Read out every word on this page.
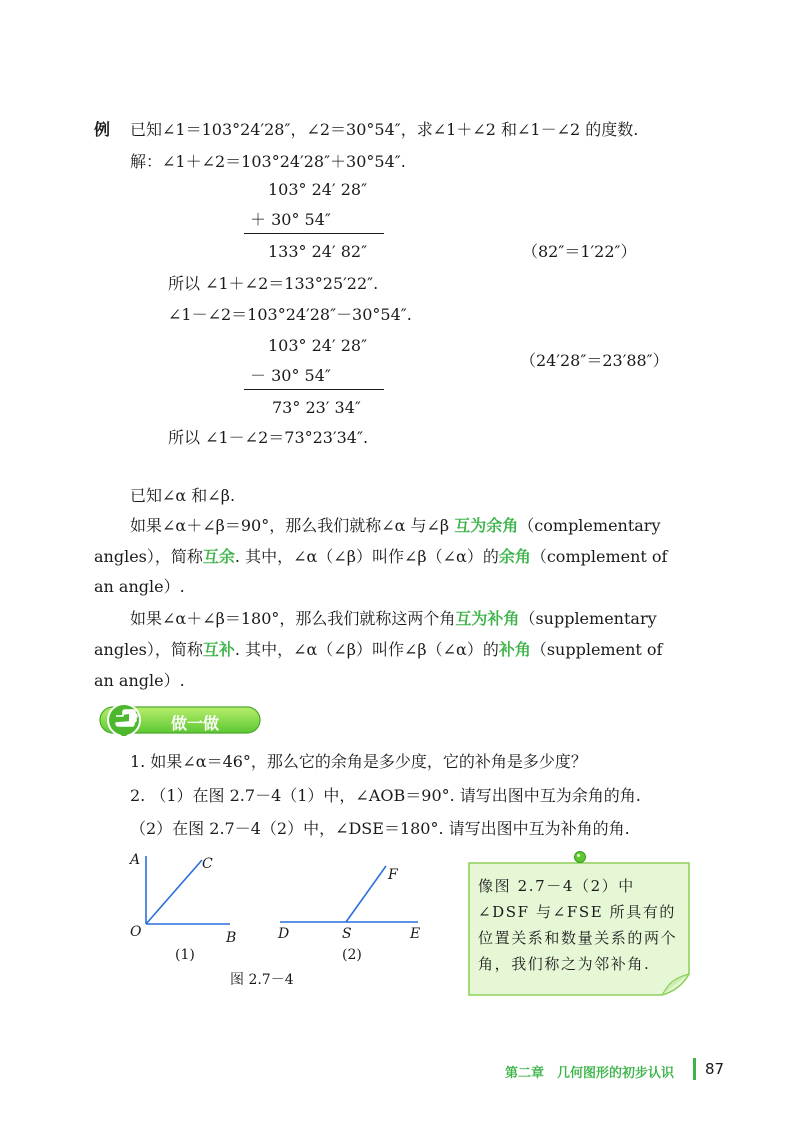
例 已知∠1＝103°24′28″，∠2＝30°54″，求∠1＋∠2 和∠1－∠2 的度数.
解：∠1＋∠2＝103°24′28″＋30°54″.
103° 24′ 28″
＋ 30° 54″
133° 24′ 82″	（82″＝1′22″）
所以 ∠1＋∠2＝133°25′22″.
∠1－∠2＝103°24′28″－30°54″.
103° 24′ 28″
－ 30° 54″
（24′28″＝23′88″）
73° 23′ 34″
所以 ∠1－∠2＝73°23′34″.
已知∠α 和∠β.
如果∠α＋∠β＝90°，那么我们就称∠α 与∠β 互为余角（complementary
angles），简称互余. 其中，∠α（∠β）叫作∠β（∠α）的余角（complement of
an angle）.
如果∠α＋∠β＝180°，那么我们就称这两个角互为补角（supplementary
angles），简称互补. 其中，∠α（∠β）叫作∠β（∠α）的补角（supplement of
an angle）.
做一做
1. 如果∠α＝46°，那么它的余角是多少度，它的补角是多少度？
2. （1）在图 2.7－4（1）中，∠AOB＝90°. 请写出图中互为余角的角.
（2）在图 2.7－4（2）中，∠DSE＝180°. 请写出图中互为补角的角.
A	C
O	B
F
D	S	E
(1)	(2)
图 2.7－4
像图 2.7－4（2）中∠DSF 与∠FSE 所具有的位置关系和数量关系的两个角，我们称之为邻补角.
第二章　几何图形的初步认识 87
